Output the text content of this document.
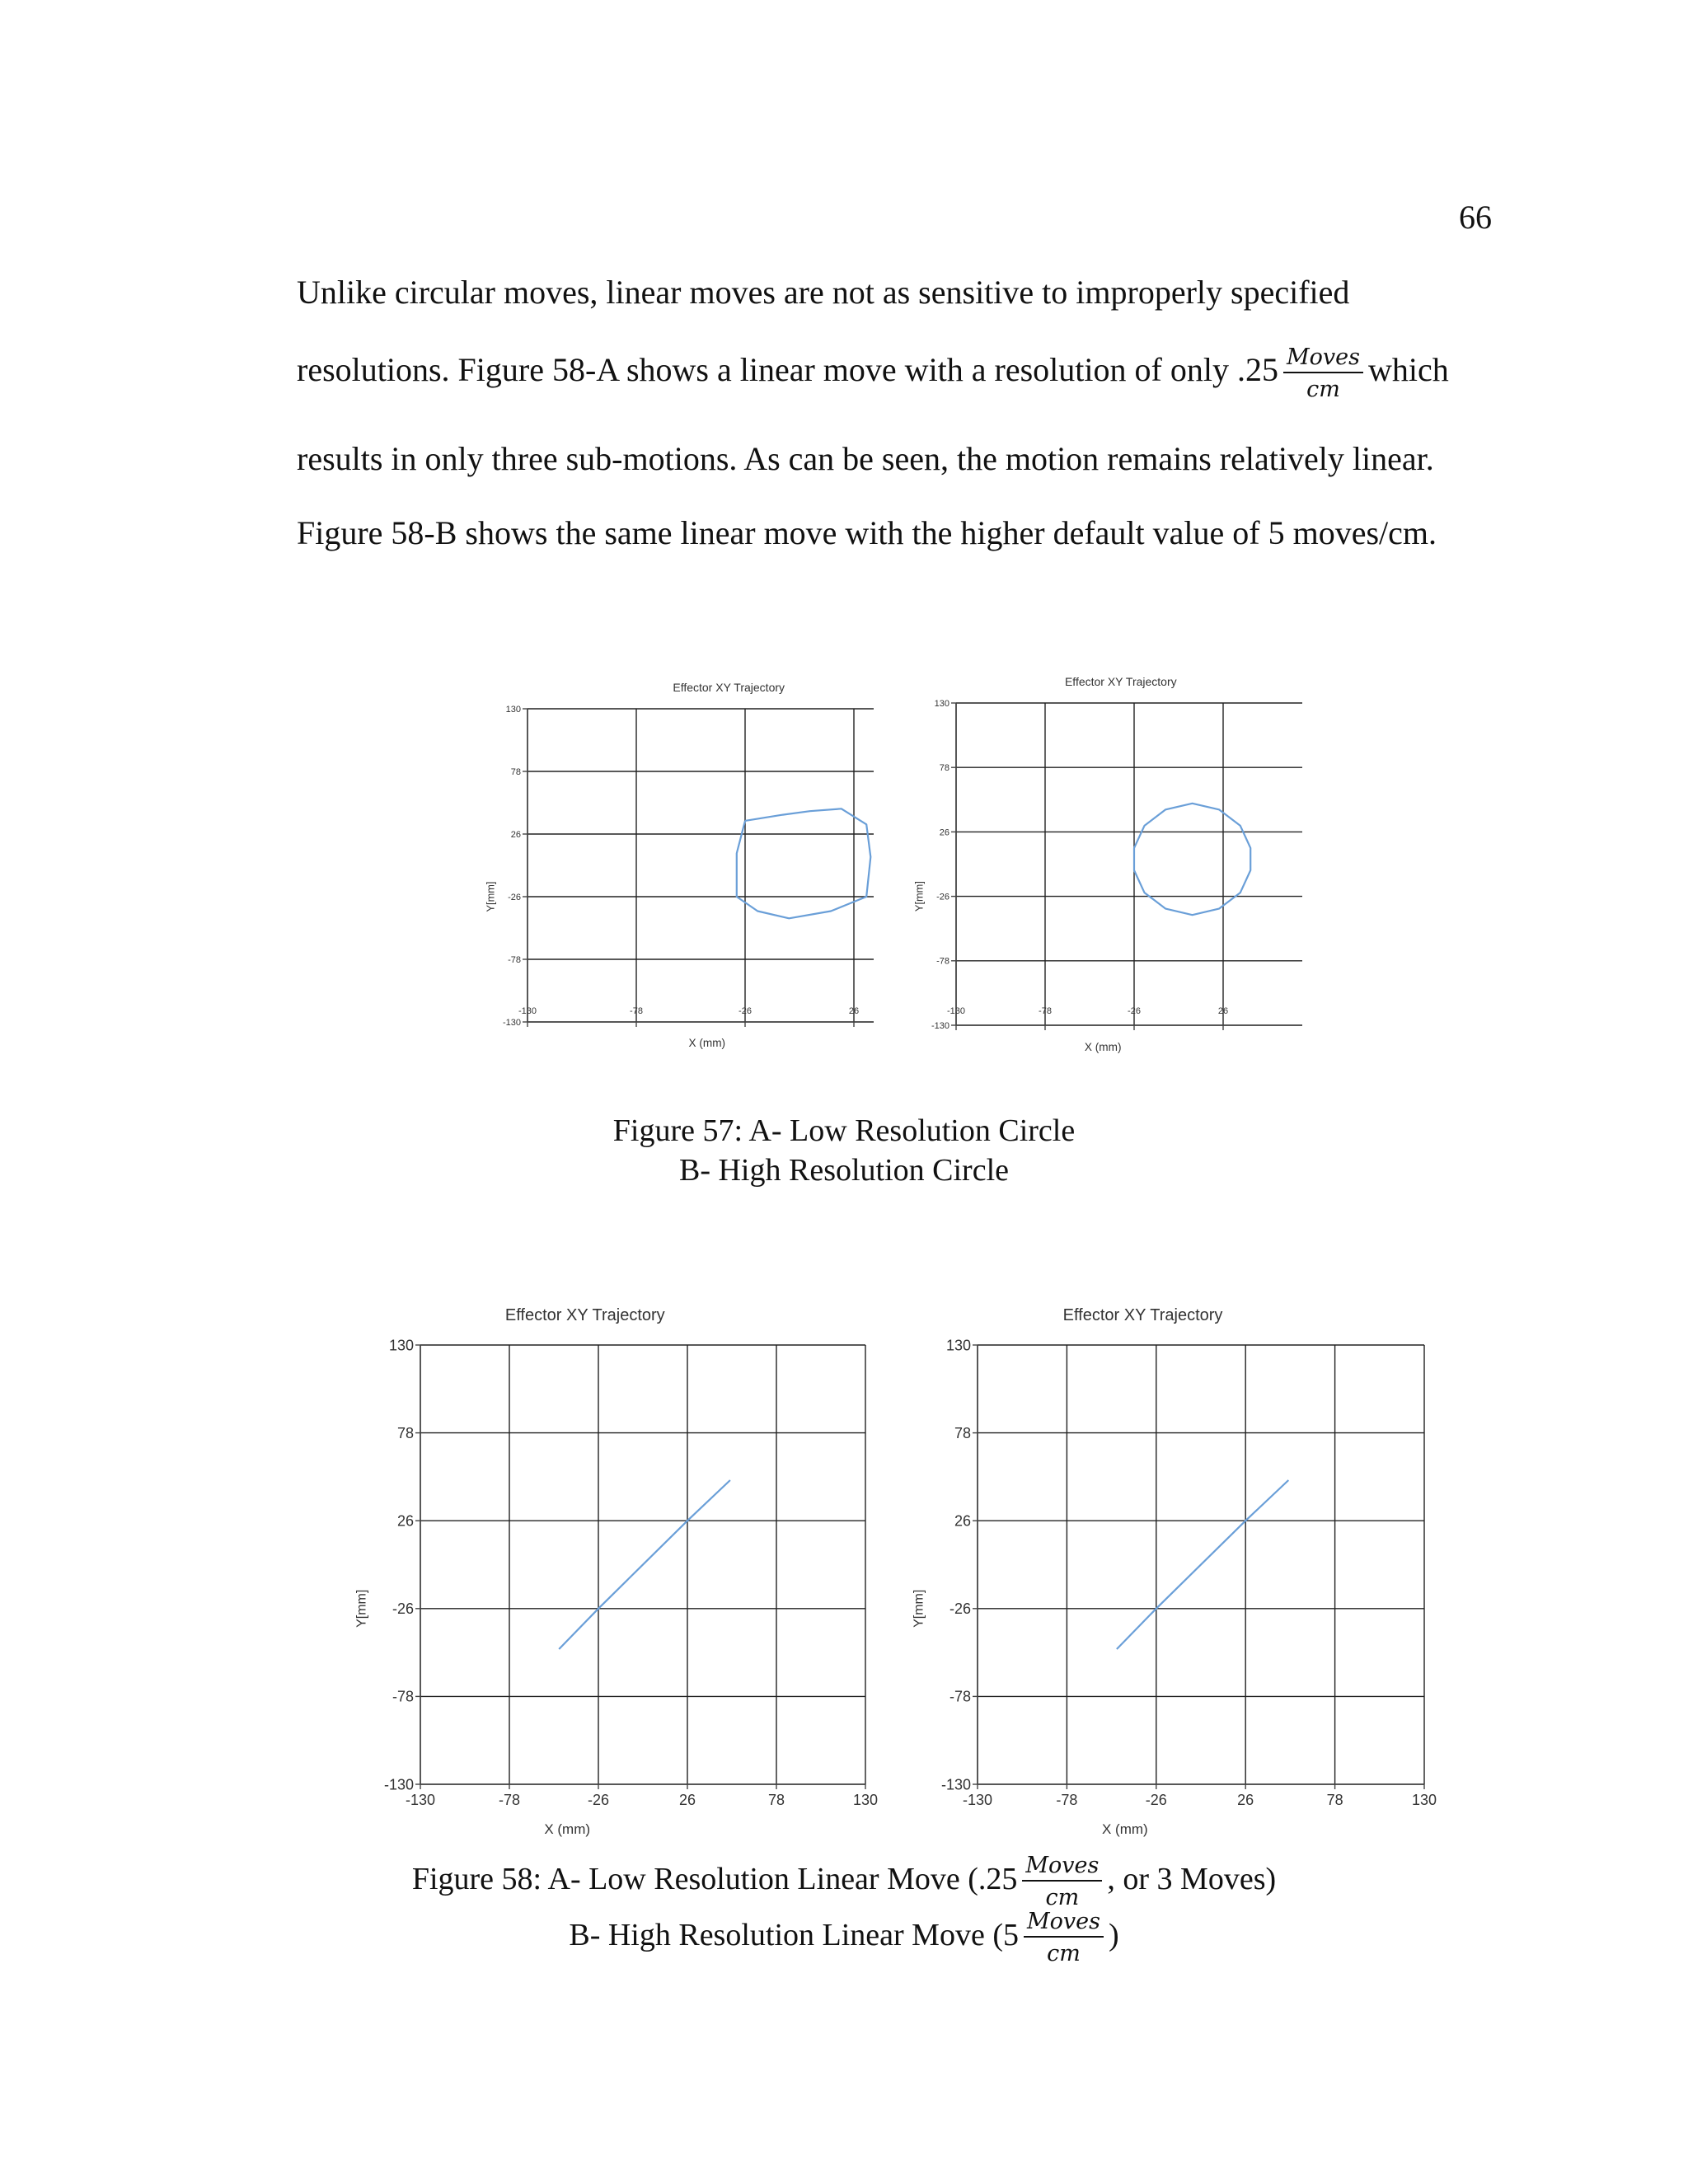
66
Unlike circular moves, linear moves are not as sensitive to improperly specified
resolutions. Figure 58-A shows a linear move with a resolution of only $.25 \frac{\text{Moves}}{cm}$ which
results in only three sub-motions. As can be seen, the motion remains relatively linear.
Figure 58-B shows the same linear move with the higher default value of 5 moves/cm.
130
78
26
-26
-78
-130
-130	-78	-26	26
Effector XY Trajectory
X (mm)
Y[mm]
130
78
26
-26
-78
-130
-130	-78	-26	26
Effector XY Trajectory
X (mm)
Y[mm]
Figure 57: A- Low Resolution Circle
B- High Resolution Circle
130
78
26
-26
-78
-130
-130	-78	-26	26	78	130
Effector XY Trajectory
X (mm)
Y[mm]
130
78
26
-26
-78
-130
-130	-78	-26	26	78	130
Effector XY Trajectory
X (mm)
Y[mm]
Figure 58: A- Low Resolution Linear Move ($.25 \frac{\text{Moves}}{cm}$ , or 3 Moves)
B- High Resolution Linear Move ($5 \frac{\text{Moves}}{cm}$ )
